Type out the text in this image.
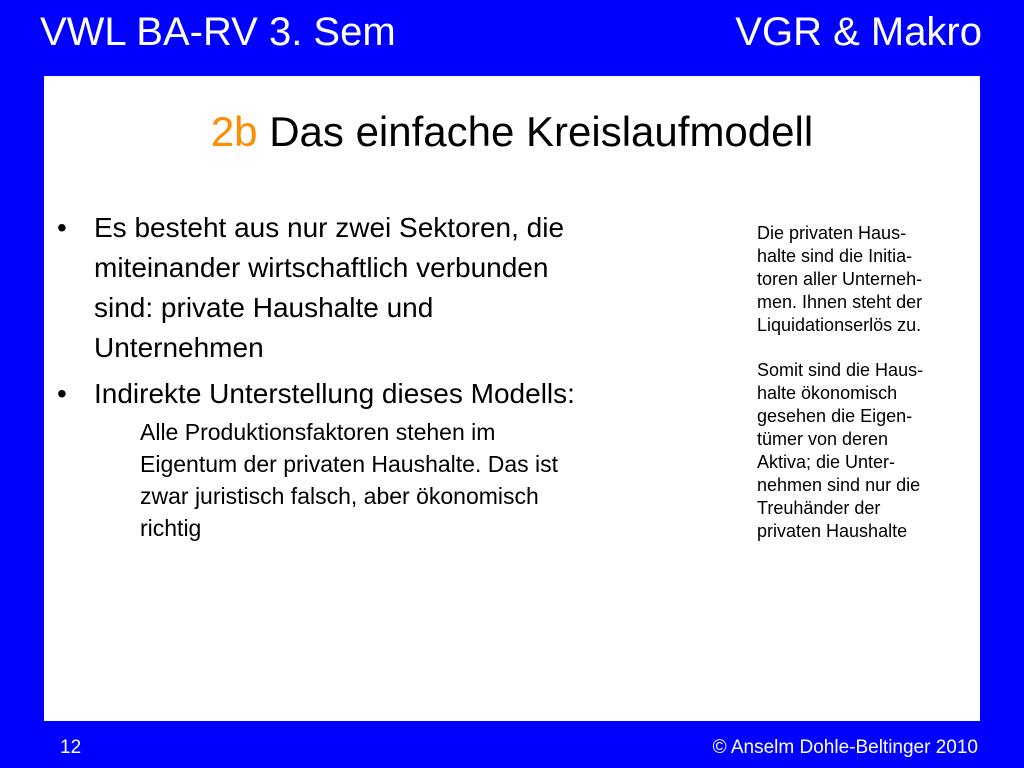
VWL BA-RV 3. Sem	VGR & Makro
2b Das einfache Kreislaufmodell
• Es besteht aus nur zwei Sektoren, die
miteinander wirtschaftlich verbunden
sind: private Haushalte und
Unternehmen
• Indirekte Unterstellung dieses Modells:
Alle Produktionsfaktoren stehen im
Eigentum der privaten Haushalte. Das ist
zwar juristisch falsch, aber ökonomisch
richtig

Die privaten Haus-
halte sind die Initia-
toren aller Unterneh-
men. Ihnen steht der
Liquidationserlös zu.

Somit sind die Haus-
halte ökonomisch
gesehen die Eigen-
tümer von deren
Aktiva; die Unter-
nehmen sind nur die
Treuhänder der
privaten Haushalte

12	© Anselm Dohle-Beltinger 2010
